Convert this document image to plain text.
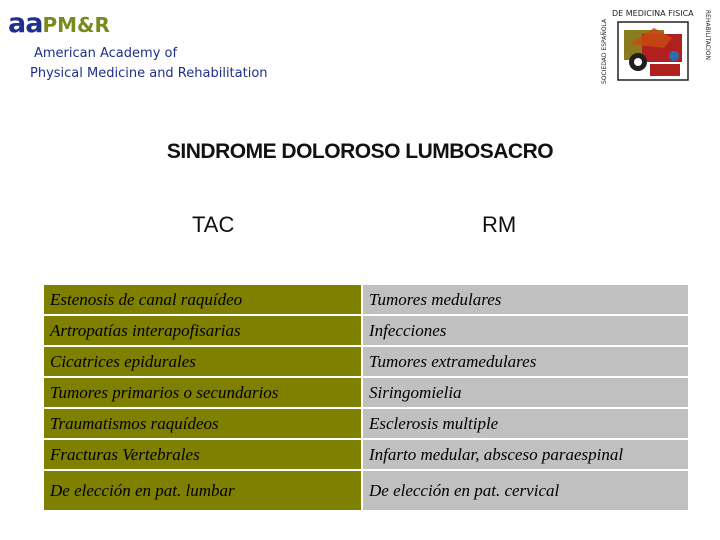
aaPM&R
American Academy of
Physical Medicine and Rehabilitation
DE MEDICINA FISICA
SOCIEDAD ESPAÑOLA	REHABILITACION
SINDROME DOLOROSO LUMBOSACRO
TAC	RM
Estenosis de canal raquídeo	Tumores medulares
Artropatías interapofisarias	Infecciones
Cicatrices epidurales	Tumores extramedulares
Tumores primarios o secundarios	Siringomielia
Traumatismos raquídeos	Esclerosis multiple
Fracturas Vertebrales	Infarto medular, absceso paraespinal
De elección en pat. lumbar	De elección en pat. cervical
